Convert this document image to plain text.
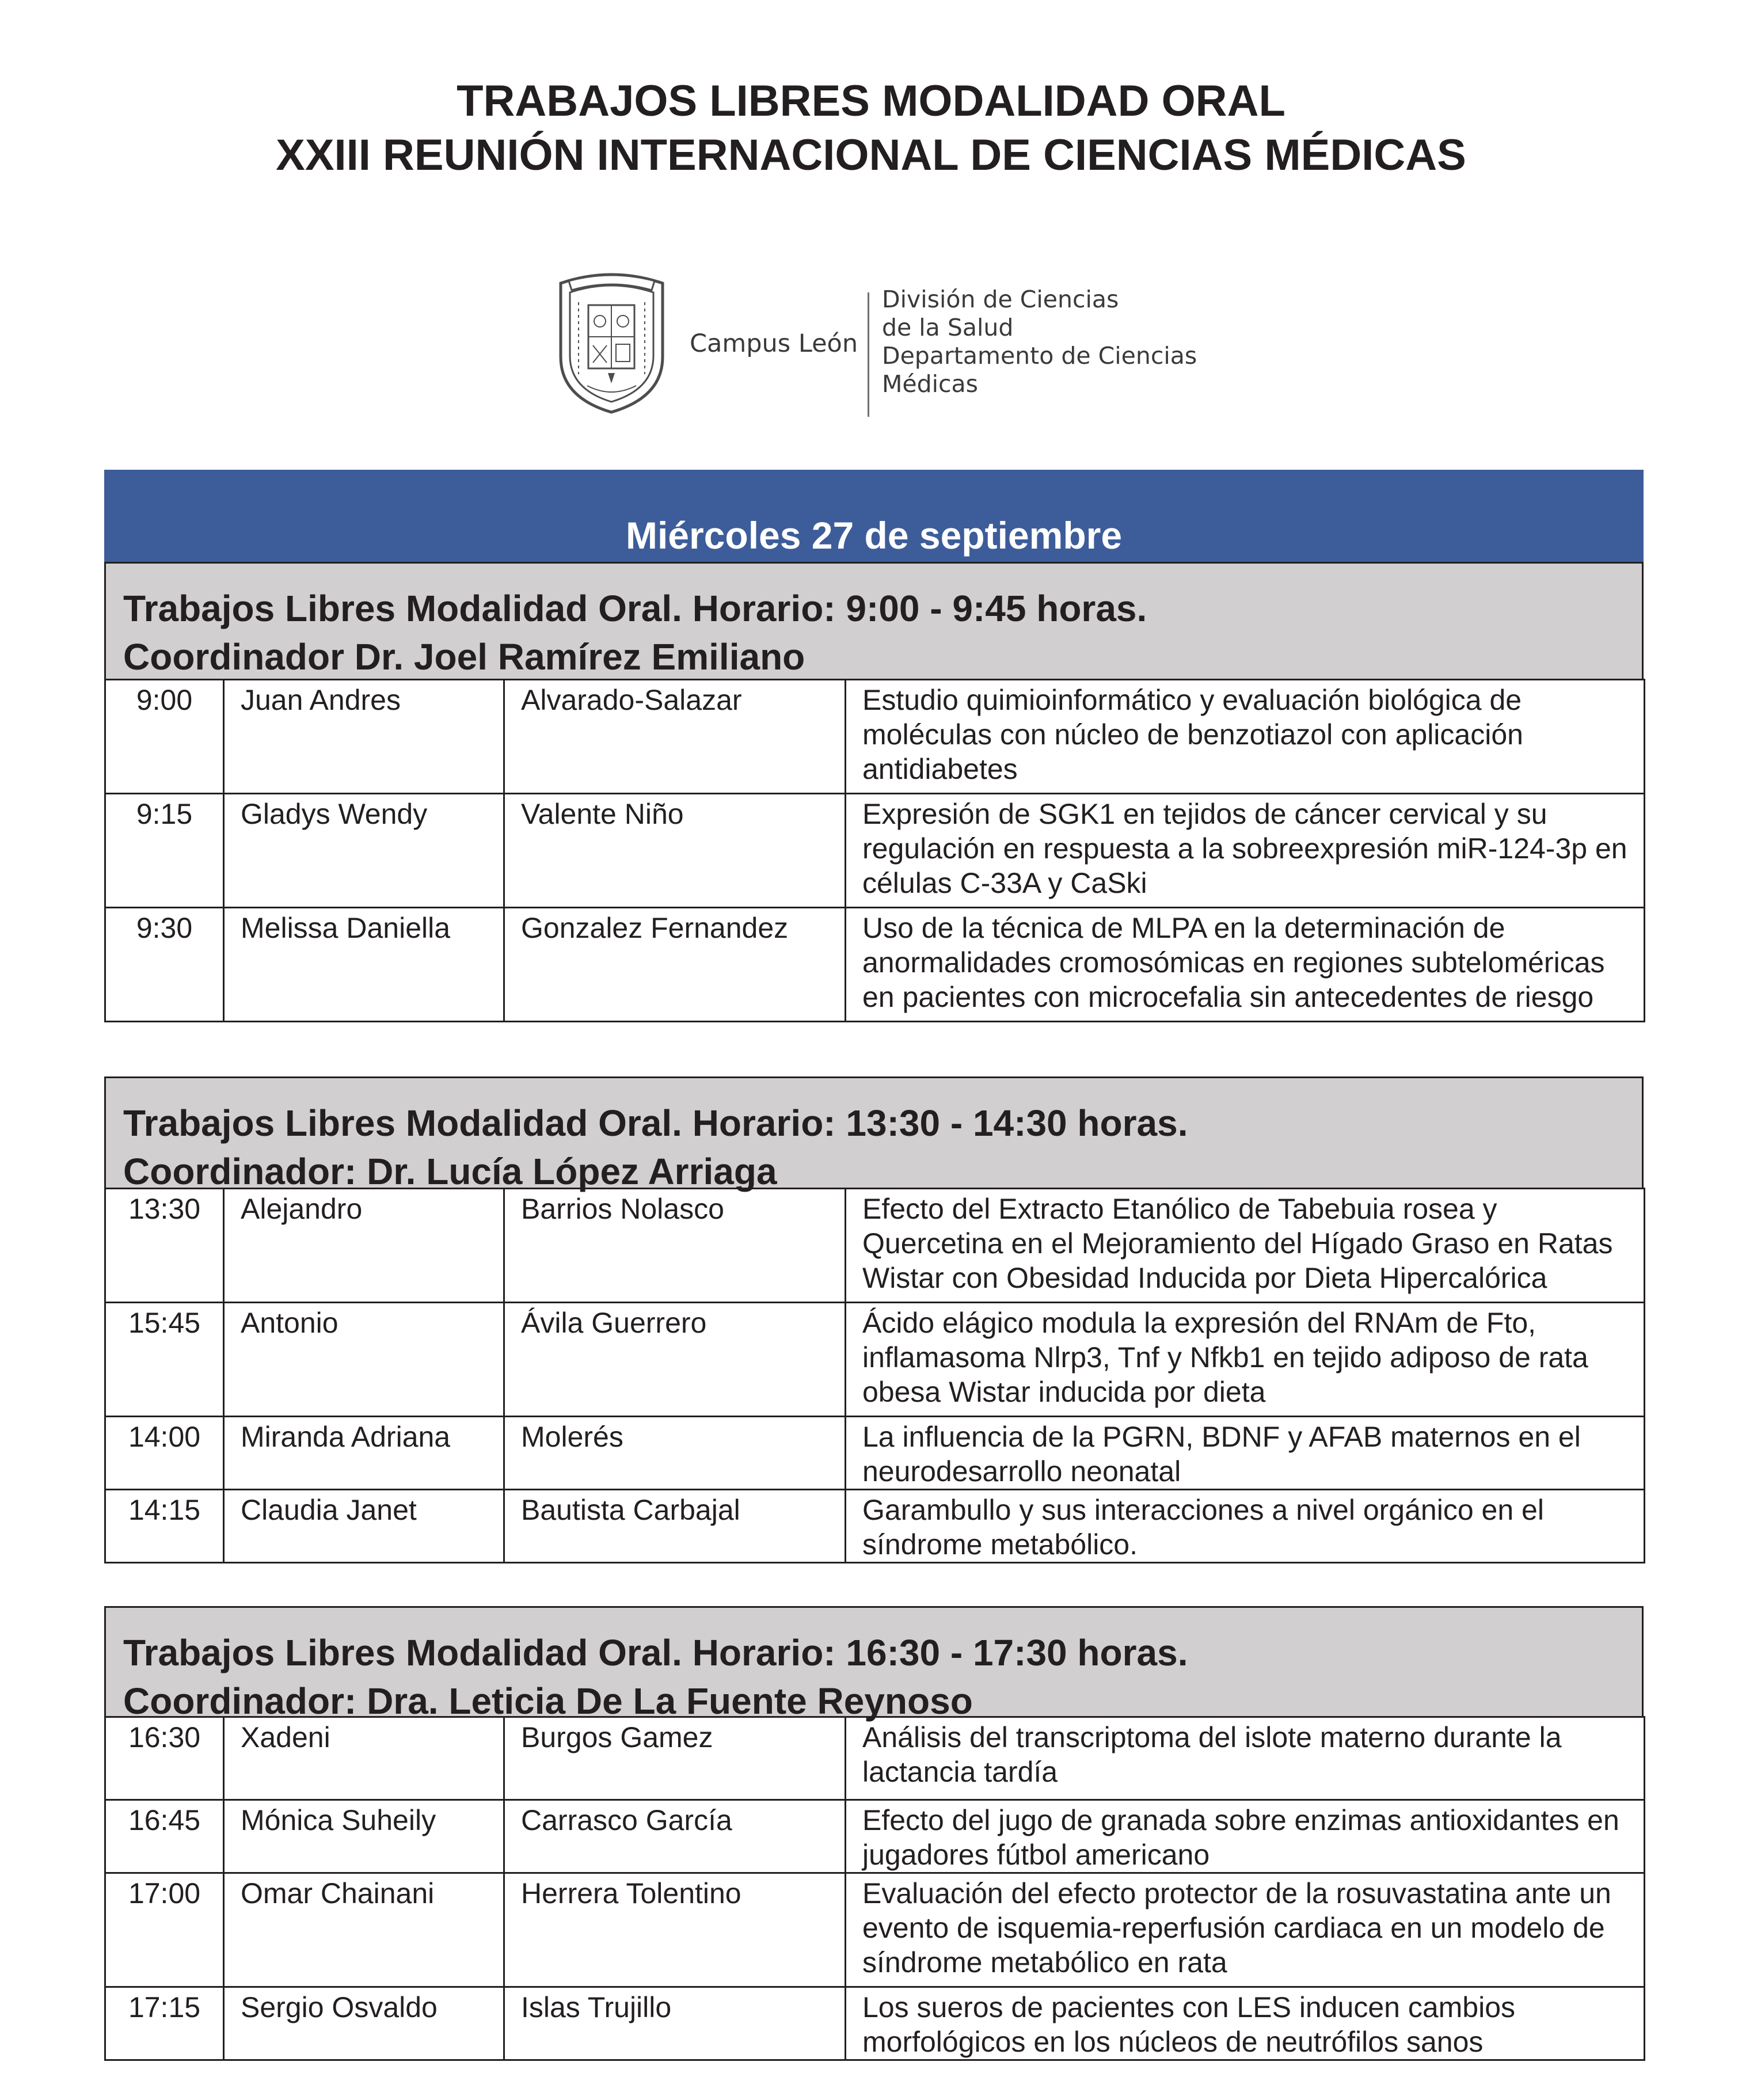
TRABAJOS LIBRES MODALIDAD ORAL
XXIII REUNIÓN INTERNACIONAL DE CIENCIAS MÉDICAS
Campus León
División de Ciencias
de la Salud
Departamento de Ciencias
Médicas
Miércoles 27 de septiembre
Trabajos Libres Modalidad Oral. Horario: 9:00 - 9:45 horas.
Coordinador Dr. Joel Ramírez Emiliano
9:00	Juan Andres	Alvarado-Salazar	Estudio quimioinformático y evaluación biológica de moléculas con núcleo de benzotiazol con aplicación antidiabetes
9:15	Gladys Wendy	Valente Niño	Expresión de SGK1 en tejidos de cáncer cervical y su regulación en respuesta a la sobreexpresión miR-124-3p en células C-33A y CaSki
9:30	Melissa Daniella	Gonzalez Fernandez	Uso de la técnica de MLPA en la determinación de anormalidades cromosómicas en regiones subteloméricas en pacientes con microcefalia sin antecedentes de riesgo
Trabajos Libres Modalidad Oral. Horario: 13:30 - 14:30 horas.
Coordinador: Dr. Lucía López Arriaga
13:30	Alejandro	Barrios Nolasco	Efecto del Extracto Etanólico de Tabebuia rosea y Quercetina en el Mejoramiento del Hígado Graso en Ratas Wistar con Obesidad Inducida por Dieta Hipercalórica
15:45	Antonio	Ávila Guerrero	Ácido elágico modula la expresión del RNAm de Fto, inflamasoma Nlrp3, Tnf y Nfkb1 en tejido adiposo de rata obesa Wistar inducida por dieta
14:00	Miranda Adriana	Molerés	La influencia de la PGRN, BDNF y AFAB maternos en el neurodesarrollo neonatal
14:15	Claudia Janet	Bautista Carbajal	Garambullo y sus interacciones a nivel orgánico en el síndrome metabólico.
Trabajos Libres Modalidad Oral. Horario: 16:30 - 17:30 horas.
Coordinador: Dra. Leticia De La Fuente Reynoso
16:30	Xadeni	Burgos Gamez	Análisis del transcriptoma del islote materno durante la lactancia tardía
16:45	Mónica Suheily	Carrasco García	Efecto del jugo de granada sobre enzimas antioxidantes en jugadores fútbol americano
17:00	Omar Chainani	Herrera Tolentino	Evaluación del efecto protector de la rosuvastatina ante un evento de isquemia-reperfusión cardiaca en un modelo de síndrome metabólico en rata
17:15	Sergio Osvaldo	Islas Trujillo	Los sueros de pacientes con LES inducen cambios morfológicos en los núcleos de neutrófilos sanos
